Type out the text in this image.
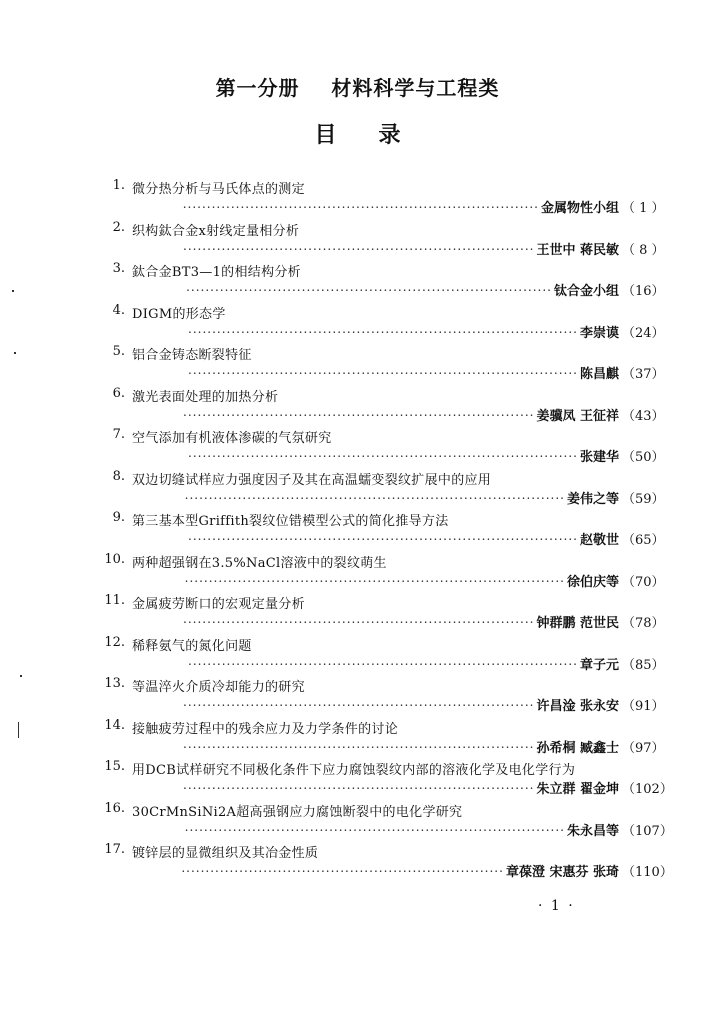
第一分册    材料科学与工程类
目录
1. 微分热分析与马氏体点的测定
.......................................................................... 金属物性小组 （ 1 ）
2. 织构鈦合金x射线定量相分析
......................................................................... 王世中 蒋民敏 （ 8 ）
3. 鈦合金BT3—1的相结构分析
............................................................................ 钛合金小组 （16）
4. DIGM的形态学
................................................................................. 李崇谟 （24）
5. 铝合金铸态断裂特征
................................................................................. 陈昌麒 （37）
6. 激光表面处理的加热分析
......................................................................... 姜骥凤 王征祥 （43）
7. 空气添加有机液体渗碳的气氛研究
................................................................................. 张建华 （50）
8. 双边切缝试样应力强度因子及其在高温蠕变裂纹扩展中的应用
............................................................................... 姜伟之等 （59）
9. 第三基本型Griffith裂纹位错模型公式的简化推导方法
................................................................................. 赵敬世 （65）
10. 两种超强钢在3.5%NaCl溶液中的裂纹萌生
............................................................................... 徐伯庆等 （70）
11. 金属疲劳断口的宏观定量分析
......................................................................... 钟群鹏 范世民 （78）
12. 稀释氨气的氮化问题
................................................................................. 章子元 （85）
13. 等温淬火介质冷却能力的研究
......................................................................... 许昌淦 张永安 （91）
14. 接触疲劳过程中的残余应力及力学条件的讨论
......................................................................... 孙希桐 臧鑫士 （97）
15. 用DCB试样研究不同极化条件下应力腐蚀裂纹内部的溶液化学及电化学行为
......................................................................... 朱立群 翟金坤 （102）
16. 30CrMnSiNi2A超高强钢应力腐蚀断裂中的电化学研究
............................................................................... 朱永昌等 （107）
17. 镀锌层的显微组织及其冶金性质
................................................................... 章葆澄 宋惠芬 张琦 （110）
· 1 ·
